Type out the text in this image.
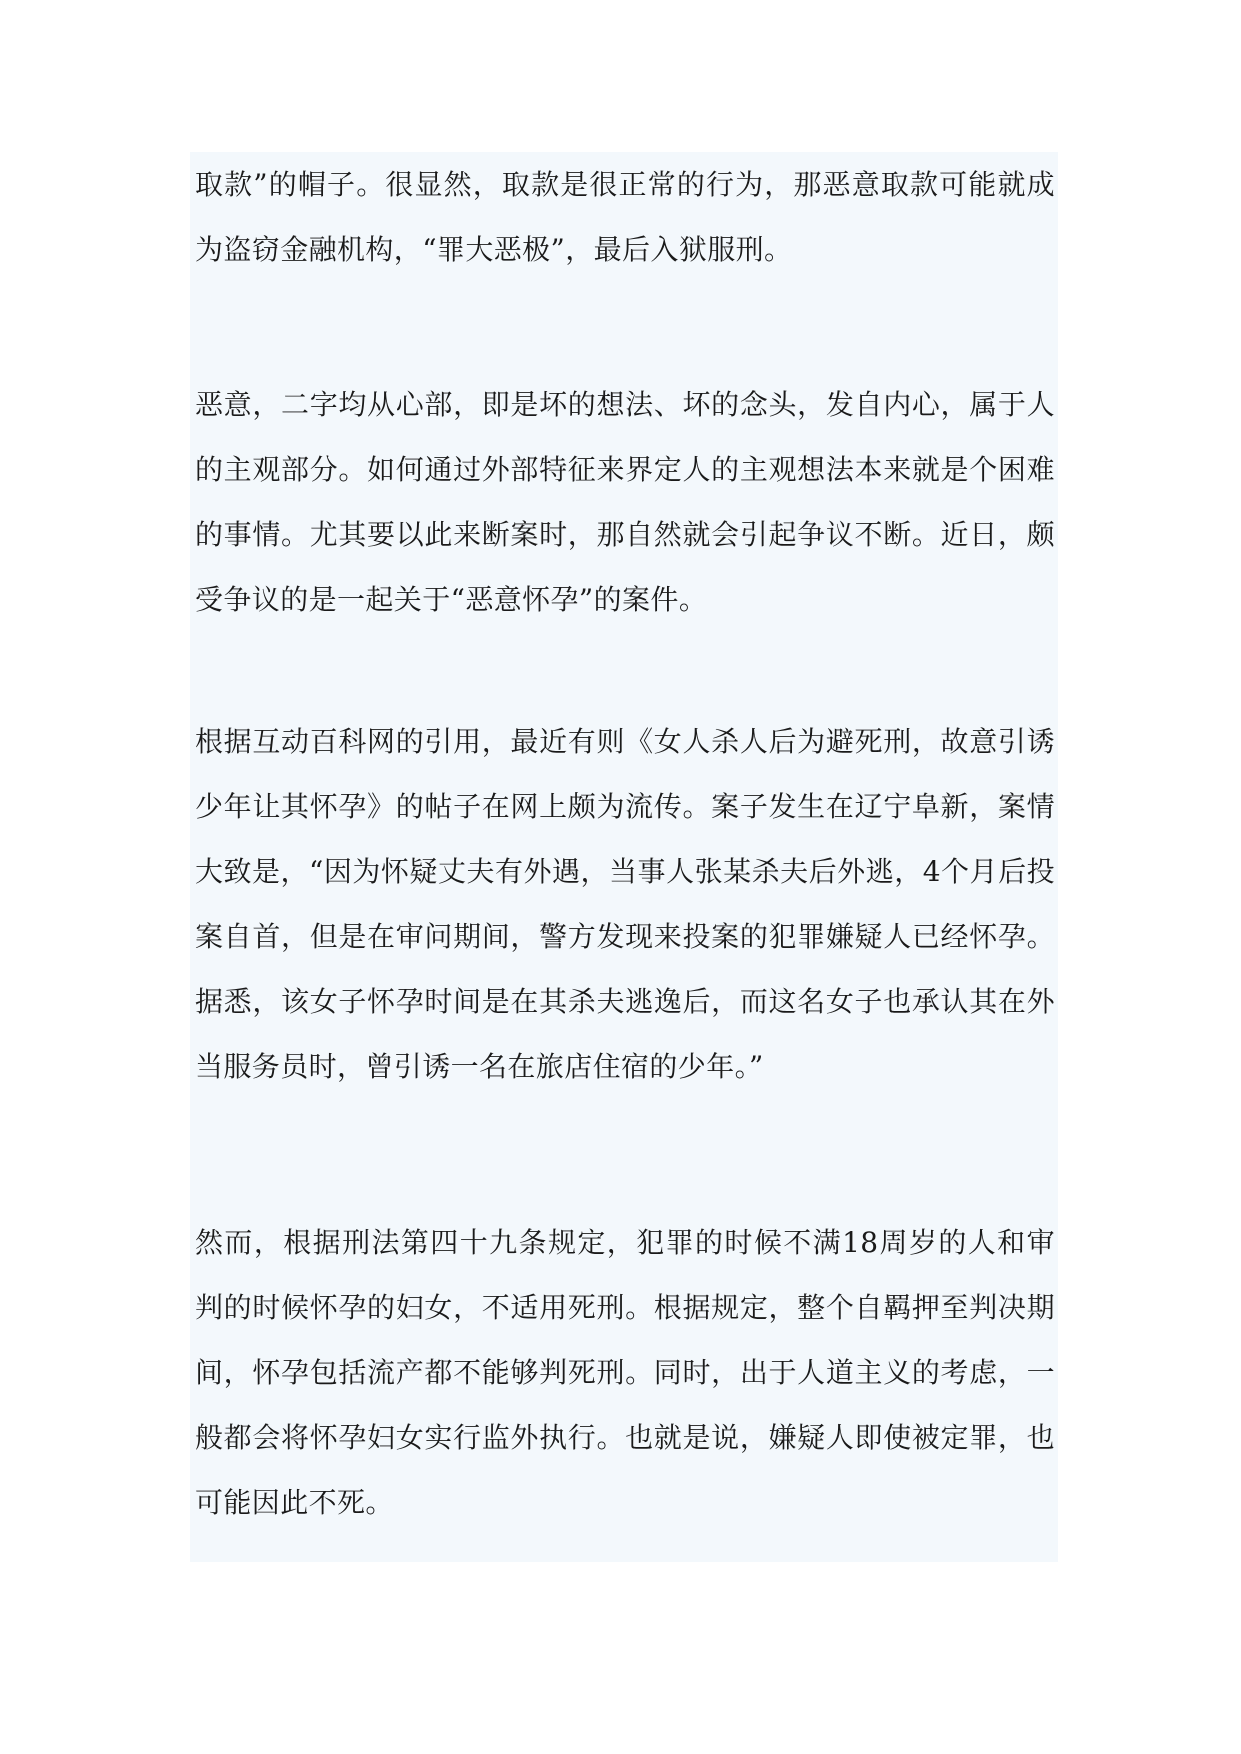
取款”的帽子。很显然，取款是很正常的行为，那恶意取款可能就成为盗窃金融机构，“罪大恶极”，最后入狱服刑。

恶意，二字均从心部，即是坏的想法、坏的念头，发自内心，属于人的主观部分。如何通过外部特征来界定人的主观想法本来就是个困难的事情。尤其要以此来断案时，那自然就会引起争议不断。近日，颇受争议的是一起关于“恶意怀孕”的案件。

根据互动百科网的引用，最近有则《女人杀人后为避死刑，故意引诱少年让其怀孕》的帖子在网上颇为流传。案子发生在辽宁阜新，案情大致是，“因为怀疑丈夫有外遇，当事人张某杀夫后外逃，4个月后投案自首，但是在审问期间，警方发现来投案的犯罪嫌疑人已经怀孕。据悉，该女子怀孕时间是在其杀夫逃逸后，而这名女子也承认其在外当服务员时，曾引诱一名在旅店住宿的少年。”

然而，根据刑法第四十九条规定，犯罪的时候不满18周岁的人和审判的时候怀孕的妇女，不适用死刑。根据规定，整个自羁押至判决期间，怀孕包括流产都不能够判死刑。同时，出于人道主义的考虑，一般都会将怀孕妇女实行监外执行。也就是说，嫌疑人即使被定罪，也可能因此不死。
